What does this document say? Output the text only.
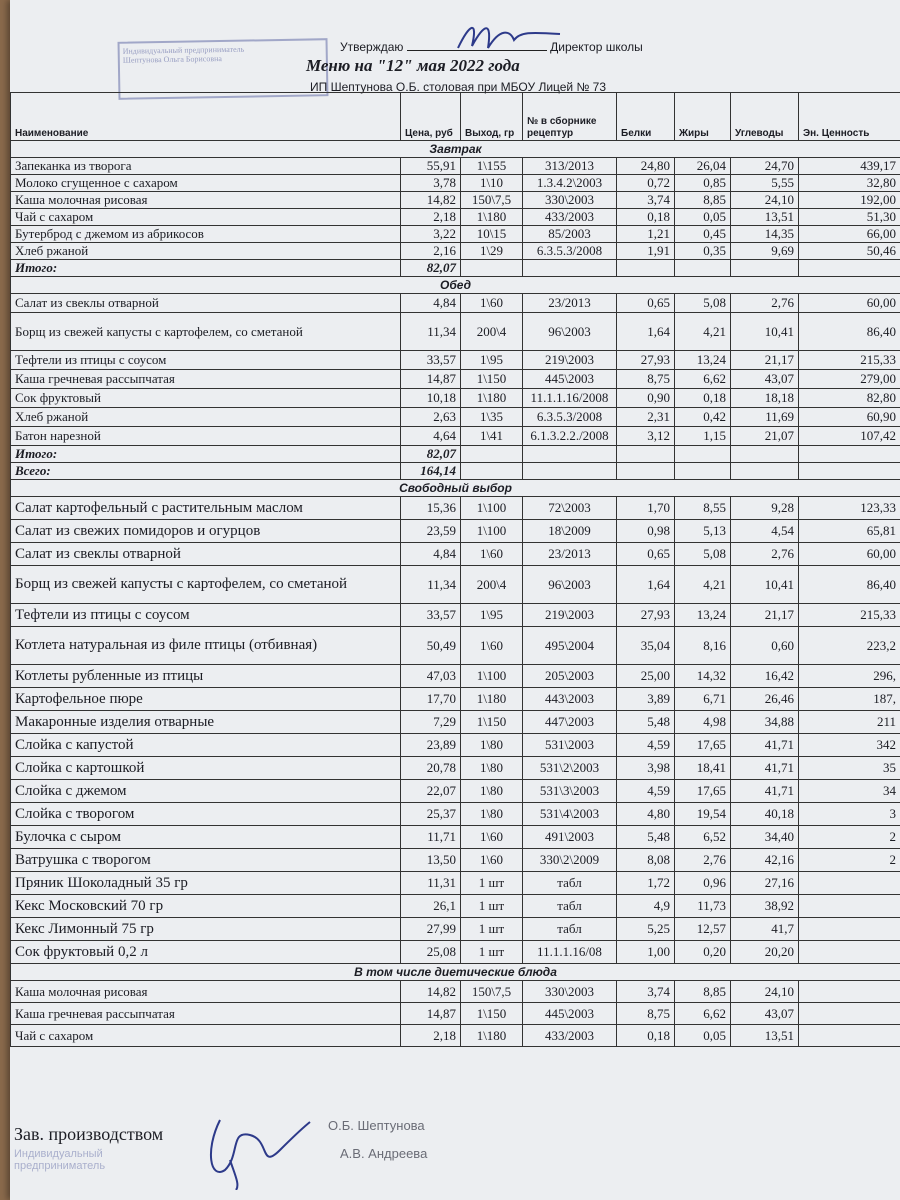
Индивидуальный предприниматель
Шептунова Ольга Борисовна
Утверждаю	Директор школы
Меню на "12" мая 2022 года
ИП Шептунова О.Б. столовая при МБОУ Лицей № 73
Наименование	Цена, руб	Выход, гр	№ в сборнике рецептур	Белки	Жиры	Углеводы	Эн. Ценность
Завтрак							
Запеканка из творога	55,91	1\155	313/2013	24,80	26,04	24,70	439,17
Молоко сгущенное с сахаром	3,78	1\10	1.3.4.2\2003	0,72	0,85	5,55	32,80
Каша молочная рисовая	14,82	150\7,5	330\2003	3,74	8,85	24,10	192,00
Чай с сахаром	2,18	1\180	433/2003	0,18	0,05	13,51	51,30
Бутерброд с джемом из абрикосов	3,22	10\15	85/2003	1,21	0,45	14,35	66,00
Хлеб ржаной	2,16	1\29	6.3.5.3/2008	1,91	0,35	9,69	50,46
Итого:	82,07						
Обед							
Салат из свеклы отварной	4,84	1\60	23/2013	0,65	5,08	2,76	60,00
Борщ из свежей капусты с картофелем, со сметаной	11,34	200\4	96\2003	1,64	4,21	10,41	86,40
Тефтели из птицы с соусом	33,57	1\95	219\2003	27,93	13,24	21,17	215,33
Каша гречневая рассыпчатая	14,87	1\150	445\2003	8,75	6,62	43,07	279,00
Сок фруктовый	10,18	1\180	11.1.1.16/2008	0,90	0,18	18,18	82,80
Хлеб ржаной	2,63	1\35	6.3.5.3/2008	2,31	0,42	11,69	60,90
Батон нарезной	4,64	1\41	6.1.3.2.2./2008	3,12	1,15	21,07	107,42
Итого:	82,07						
Всего:	164,14						
Свободный выбор							
Салат картофельный с растительным маслом	15,36	1\100	72\2003	1,70	8,55	9,28	123,33
Салат из свежих помидоров и огурцов	23,59	1\100	18\2009	0,98	5,13	4,54	65,81
Салат из свеклы отварной	4,84	1\60	23/2013	0,65	5,08	2,76	60,00
Борщ из свежей капусты с картофелем, со сметаной	11,34	200\4	96\2003	1,64	4,21	10,41	86,40
Тефтели из птицы с соусом	33,57	1\95	219\2003	27,93	13,24	21,17	215,33
Котлета натуральная из филе птицы (отбивная)	50,49	1\60	495\2004	35,04	8,16	0,60	223,2
Котлеты рубленные из птицы	47,03	1\100	205\2003	25,00	14,32	16,42	296,
Картофельное пюре	17,70	1\180	443\2003	3,89	6,71	26,46	187,
Макаронные изделия отварные	7,29	1\150	447\2003	5,48	4,98	34,88	211
Слойка с капустой	23,89	1\80	531\2003	4,59	17,65	41,71	342
Слойка с картошкой	20,78	1\80	531\2\2003	3,98	18,41	41,71	35
Слойка с джемом	22,07	1\80	531\3\2003	4,59	17,65	41,71	34
Слойка с творогом	25,37	1\80	531\4\2003	4,80	19,54	40,18	3
Булочка с сыром	11,71	1\60	491\2003	5,48	6,52	34,40	2
Ватрушка с творогом	13,50	1\60	330\2\2009	8,08	2,76	42,16	2
Пряник Шоколадный 35 гр	11,31	1 шт	табл	1,72	0,96	27,16	
Кекс Московский 70 гр	26,1	1 шт	табл	4,9	11,73	38,92	
Кекс Лимонный 75 гр	27,99	1 шт	табл	5,25	12,57	41,7	
Сок фруктовый 0,2 л	25,08	1 шт	11.1.1.16/08	1,00	0,20	20,20	
В том числе диетические блюда							
Каша молочная рисовая	14,82	150\7,5	330\2003	3,74	8,85	24,10	
Каша гречневая рассыпчатая	14,87	1\150	445\2003	8,75	6,62	43,07	
Чай с сахаром	2,18	1\180	433/2003	0,18	0,05	13,51	
Зав. производством	О.Б. Шептунова
А.В. Андреева
Индивидуальный
предприниматель
